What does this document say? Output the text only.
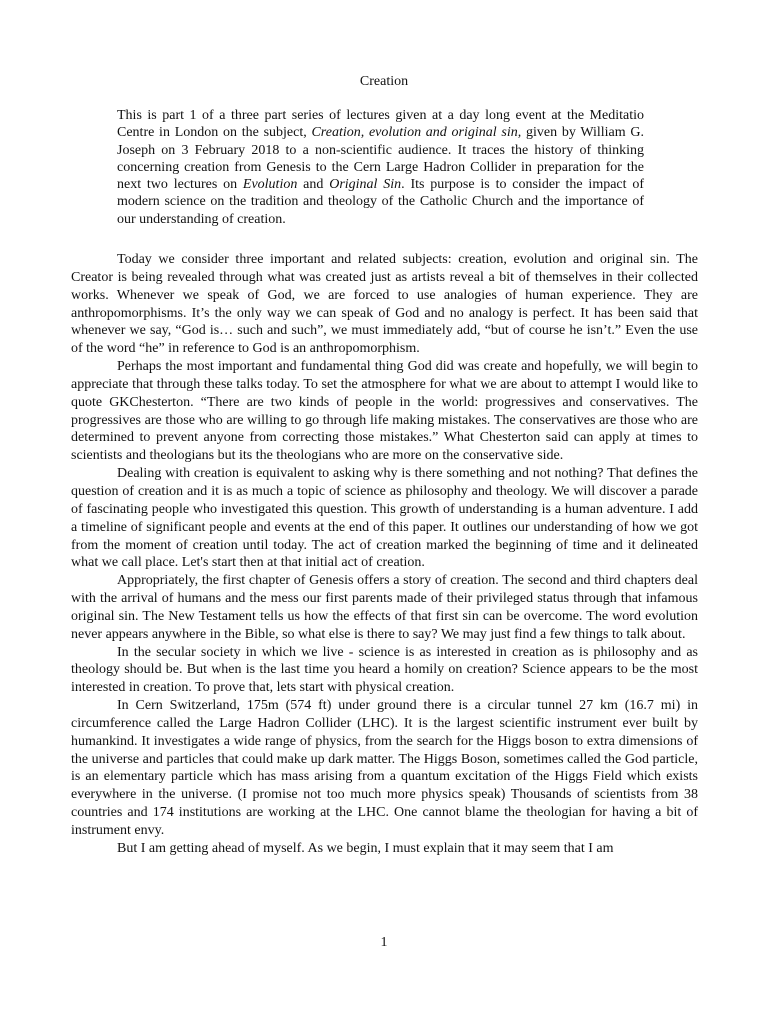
Creation

This is part 1 of a three part series of lectures given at a day long event at the Meditatio Centre in London on the subject, Creation, evolution and original sin, given by William G. Joseph on 3 February 2018 to a non-scientific audience. It traces the history of thinking concerning creation from Genesis to the Cern Large Hadron Collider in preparation for the next two lectures on Evolution and Original Sin. Its purpose is to consider the impact of modern science on the tradition and theology of the Catholic Church and the importance of our understanding of creation.

Today we consider three important and related subjects: creation, evolution and original sin. The Creator is being revealed through what was created just as artists reveal a bit of themselves in their collected works. Whenever we speak of God, we are forced to use analogies of human experience. They are anthropomorphisms. It’s the only way we can speak of God and no analogy is perfect. It has been said that whenever we say, “God is… such and such”, we must immediately add, “but of course he isn’t.” Even the use of the word “he” in reference to God is an anthropomorphism.

Perhaps the most important and fundamental thing God did was create and hopefully, we will begin to appreciate that through these talks today. To set the atmosphere for what we are about to attempt I would like to quote GKChesterton. “There are two kinds of people in the world: progressives and conservatives. The progressives are those who are willing to go through life making mistakes. The conservatives are those who are determined to prevent anyone from correcting those mistakes.” What Chesterton said can apply at times to scientists and theologians but its the theologians who are more on the conservative side.

Dealing with creation is equivalent to asking why is there something and not nothing? That defines the question of creation and it is as much a topic of science as philosophy and theology. We will discover a parade of fascinating people who investigated this question. This growth of understanding is a human adventure. I add a timeline of significant people and events at the end of this paper. It outlines our understanding of how we got from the moment of creation until today. The act of creation marked the beginning of time and it delineated what we call place. Let's start then at that initial act of creation.

Appropriately, the first chapter of Genesis offers a story of creation. The second and third chapters deal with the arrival of humans and the mess our first parents made of their privileged status through that infamous original sin. The New Testament tells us how the effects of that first sin can be overcome. The word evolution never appears anywhere in the Bible, so what else is there to say? We may just find a few things to talk about.

In the secular society in which we live - science is as interested in creation as is philosophy and as theology should be. But when is the last time you heard a homily on creation? Science appears to be the most interested in creation. To prove that, lets start with physical creation.

In Cern Switzerland, 175m (574 ft) under ground there is a circular tunnel 27 km (16.7 mi) in circumference called the Large Hadron Collider (LHC). It is the largest scientific instrument ever built by humankind. It investigates a wide range of physics, from the search for the Higgs boson to extra dimensions of the universe and particles that could make up dark matter. The Higgs Boson, sometimes called the God particle, is an elementary particle which has mass arising from a quantum excitation of the Higgs Field which exists everywhere in the universe. (I promise not too much more physics speak) Thousands of scientists from 38 countries and 174 institutions are working at the LHC. One cannot blame the theologian for having a bit of instrument envy.

But I am getting ahead of myself. As we begin, I must explain that it may seem that I am

1
